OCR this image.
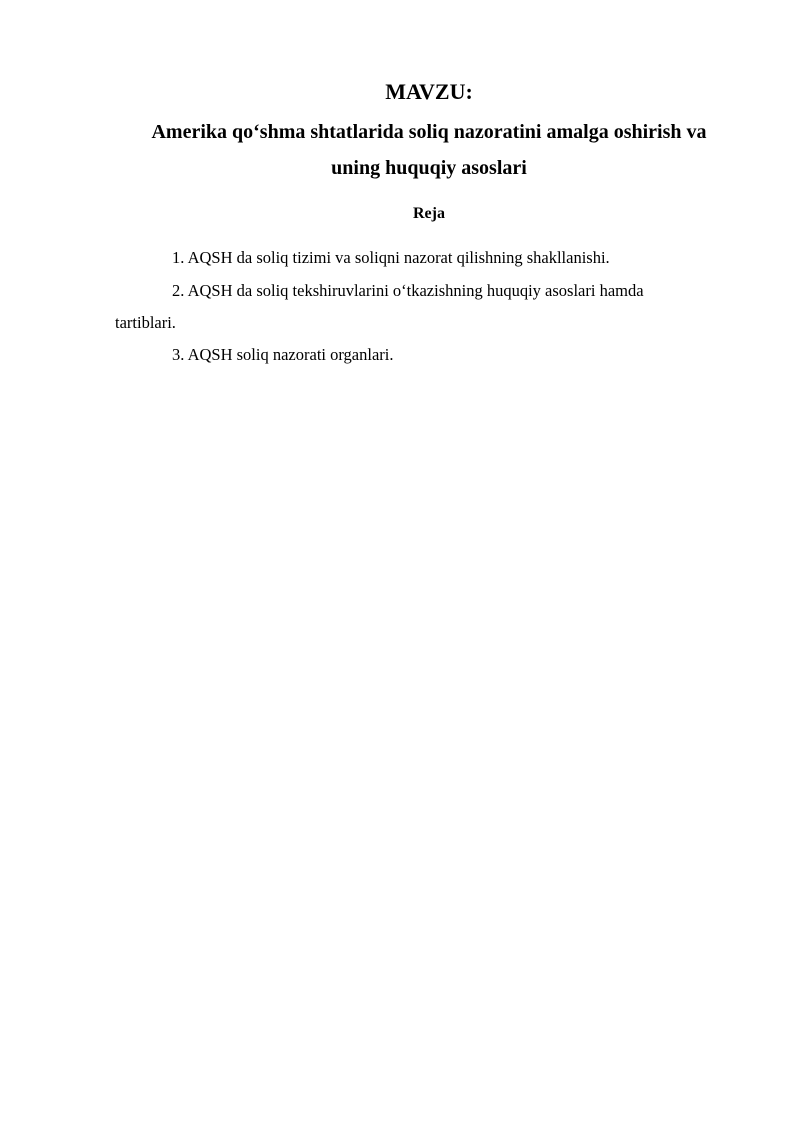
MAVZU:
Amerika qo‘shma shtatlarida soliq nazoratini amalga oshirish va
uning huquqiy asoslari
Reja

1. AQSH da soliq tizimi va soliqni nazorat qilishning shakllanishi.

2. AQSH da soliq tekshiruvlarini o‘tkazishning huquqiy asoslari hamda

tartiblari.

3. AQSH soliq nazorati organlari.
